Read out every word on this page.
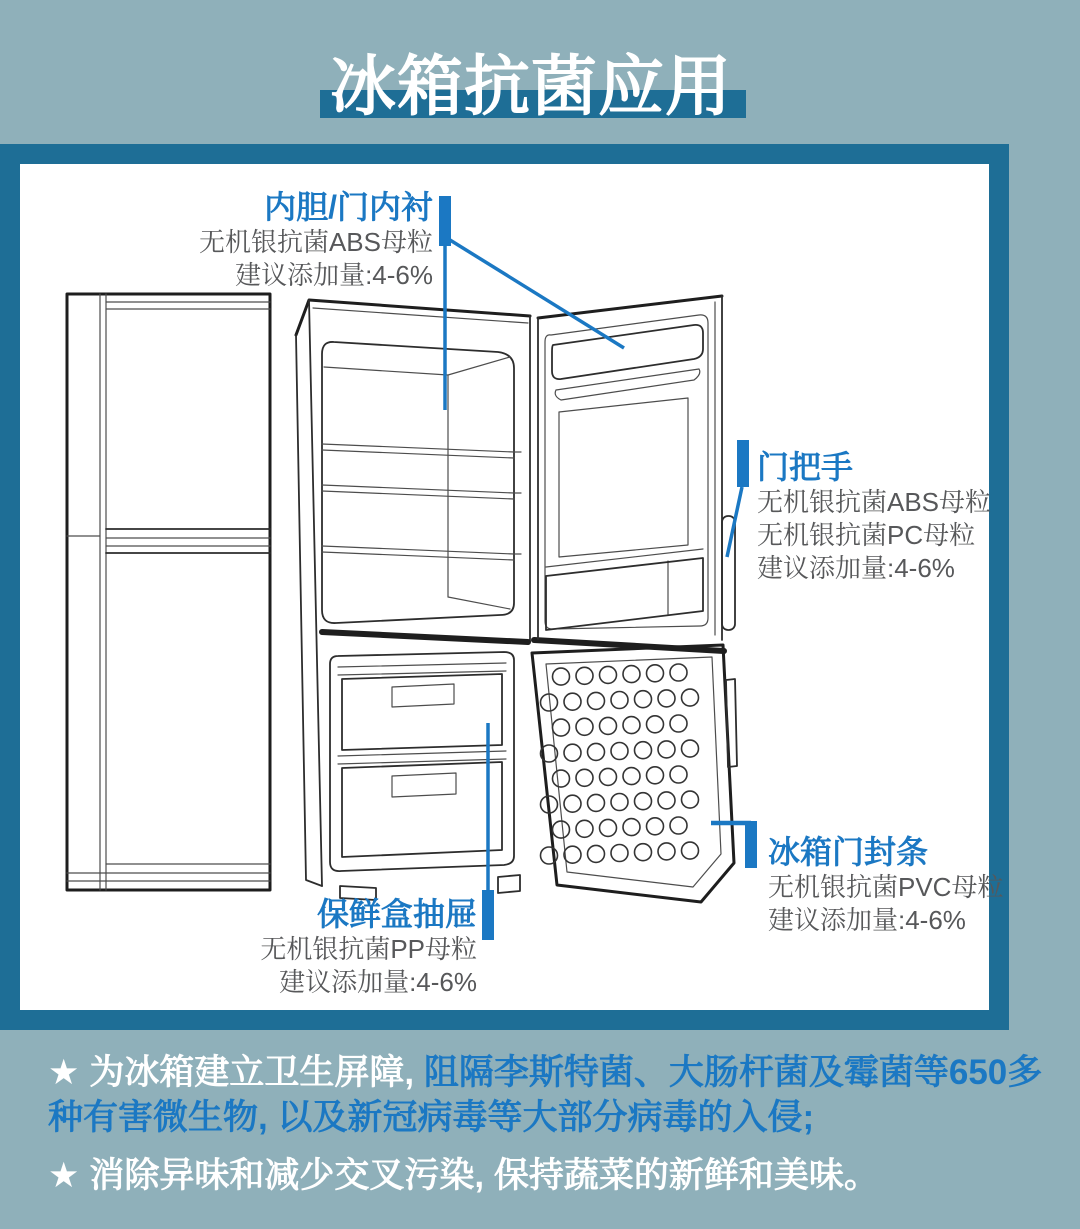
冰箱抗菌应用
内胆/门内衬
无机银抗菌ABS母粒
建议添加量:4-6%
门把手
无机银抗菌ABS母粒
无机银抗菌PC母粒
建议添加量:4-6%
冰箱门封条
无机银抗菌PVC母粒
建议添加量:4-6%
保鲜盒抽屉
无机银抗菌PP母粒
建议添加量:4-6%
★ 为冰箱建立卫生屏障, 阻隔李斯特菌、大肠杆菌及霉菌等650多
种有害微生物, 以及新冠病毒等大部分病毒的入侵;
★ 消除异味和减少交叉污染, 保持蔬菜的新鲜和美味。
